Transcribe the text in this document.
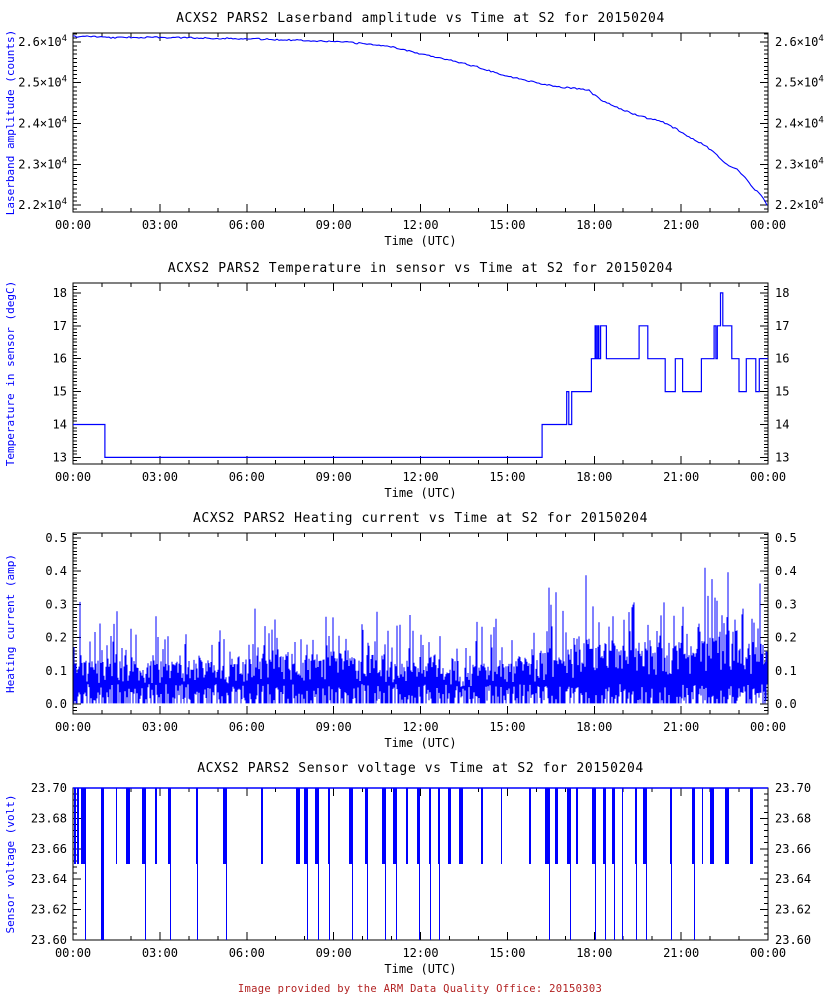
ACXS2 PARS2 Laserband amplitude vs Time at S2 for 20150204
Laserband amplitude (counts)
Time (UTC)
$2.2\times 10^4$	$2.2\times 10^4$
$2.3\times 10^4$	$2.3\times 10^4$
$2.4\times 10^4$	$2.4\times 10^4$
$2.5\times 10^4$	$2.5\times 10^4$
$2.6\times 10^4$	$2.6\times 10^4$
00:00	03:00	06:00	09:00	12:00	15:00	18:00	21:00	00:00
ACXS2 PARS2 Temperature in sensor vs Time at S2 for 20150204
Temperature in sensor (degC)
Time (UTC)
13	13
14	14
15	15
16	16
17	17
18	18
00:00	03:00	06:00	09:00	12:00	15:00	18:00	21:00	00:00
ACXS2 PARS2 Heating current vs Time at S2 for 20150204
Heating current (amp)
Time (UTC)
0.0	0.0
0.1	0.1
0.2	0.2
0.3	0.3
0.4	0.4
0.5	0.5
00:00	03:00	06:00	09:00	12:00	15:00	18:00	21:00	00:00
ACXS2 PARS2 Sensor voltage vs Time at S2 for 20150204
Sensor voltage (volt)
Time (UTC)
23.60	23.60
23.62	23.62
23.64	23.64
23.66	23.66
23.68	23.68
23.70	23.70
00:00	03:00	06:00	09:00	12:00	15:00	18:00	21:00	00:00
Image provided by the ARM Data Quality Office: 20150303
